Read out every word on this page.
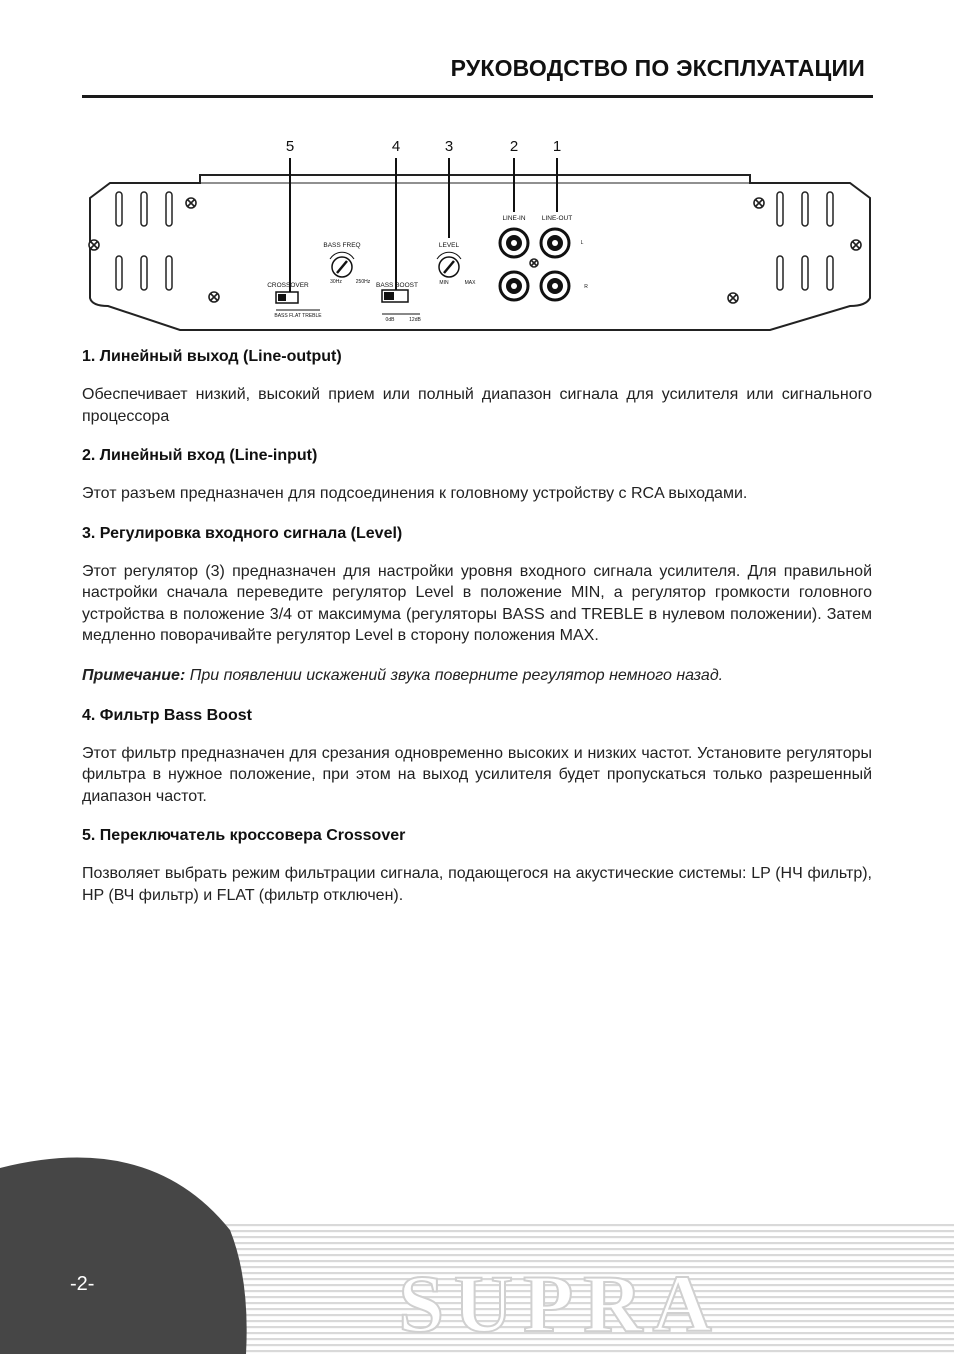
РУКОВОДСТВО ПО ЭКСПЛУАТАЦИИ
5	4	3	2 1
LINE-IN	LINE-OUT
LEVEL
MIN	MAX
BASS FREQ
30Hz	250Hz BASS BOOST
0dB	12dB
CROSSOVER
BASS FLAT TREBLE
L
R
1. Линейный выход (Line-output)

Обеспечивает низкий, высокий прием или полный диапазон сигнала для усилителя или сигнального процессора

2. Линейный вход (Line-input)

Этот разъем предназначен для подсоединения к головному устройству с RCA выходами.

3. Регулировка входного сигнала (Level)

Этот регулятор (3) предназначен для настройки уровня входного сигнала усилителя. Для правильной настройки сначала переведите регулятор Level в положение MIN, а регулятор громкости головного устройства в положение 3/4 от максимума (регуляторы BASS and TREBLE в нулевом положении). Затем медленно поворачивайте регулятор Level в сторону положения MAX.

Примечание: При появлении искажений звука поверните регулятор немного назад.

4. Фильтр Bass Boost

Этот фильтр предназначен для срезания одновременно высоких и низких частот. Установите регуляторы фильтра в нужное положение, при этом на выход усилителя будет пропускаться только разрешенный диапазон частот.

5. Переключатель кроссовера Crossover

Позволяет выбрать режим фильтрации сигнала, подающегося на акустические системы: LP (НЧ фильтр), HP (ВЧ фильтр) и FLAT (фильтр отключен).

SUPRA
-2-
